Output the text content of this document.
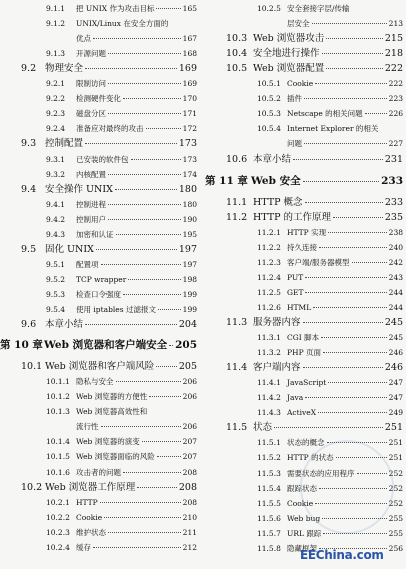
9.1.1 把 UNIX 作为攻击目标	165
9.1.2 UNIX/Linux 在安全方面的
优点	167
9.1.3 开源问题	168
9.2 物理安全	169
9.2.1 限制访问	169
9.2.2 检测硬件变化	170
9.2.3 磁盘分区	171
9.2.4 准备应对最终的攻击	172
9.3 控制配置	173
9.3.1 已安装的软件包	173
9.3.2 内核配置	174
9.4 安全操作 UNIX	180
9.4.1 控制进程	180
9.4.2 控制用户	190
9.4.3 加密和认证	195
9.5 固化 UNIX	197
9.5.1 配置项	197
9.5.2 TCP wrapper	198
9.5.3 检查口令强度	199
9.5.4 使用 iptables 过滤报文	199
9.6 本章小结	204
第 10 章 Web 浏览器和客户端安全 205
10.1 Web 浏览器和客户端风险	205
10.1.1 隐私与安全	206
10.1.2 Web 浏览器的方便性	206
10.1.3 Web 浏览器高效性和
流行性	206
10.1.4 Web 浏览器的演变	207
10.1.5 Web 浏览器面临的风险	207
10.1.6 攻击者的问题	208
10.2 Web 浏览器工作原理	208
10.2.1 HTTP	208
10.2.2 Cookie	210
10.2.3 维护状态	211
10.2.4 缓存	212
10.2.5 安全套接字层/传输
层安全	213
10.3 Web 浏览器攻击	215
10.4 安全地进行操作	218
10.5 Web 浏览器配置	222
10.5.1 Cookie	222
10.5.2 插件	223
10.5.3 Netscape 的相关问题	226
10.5.4 Internet Explorer 的相关
问题	227
10.6 本章小结	231
第 11 章 Web 安全	233
11.1 HTTP 概念	233
11.2 HTTP 的工作原理	235
11.2.1 HTTP 实现	238
11.2.2 持久连接	240
11.2.3 客户端/服务器模型	242
11.2.4 PUT	243
11.2.5 GET	244
11.2.6 HTML	244
11.3 服务器内容	245
11.3.1 CGI 脚本	245
11.3.2 PHP 页面	246
11.4 客户端内容	246
11.4.1 JavaScript	247
11.4.2 Java	247
11.4.3 ActiveX	249
11.5 状态	251
11.5.1 状态的概念	251
11.5.2 HTTP 的状态	251
11.5.3 需要状态的应用程序	252
11.5.4 跟踪状态	252
11.5.5 Cookie	252
11.5.6 Web bug	255
11.5.7 URL 跟踪	255
11.5.8 隐藏框架	256
EEChina.com
